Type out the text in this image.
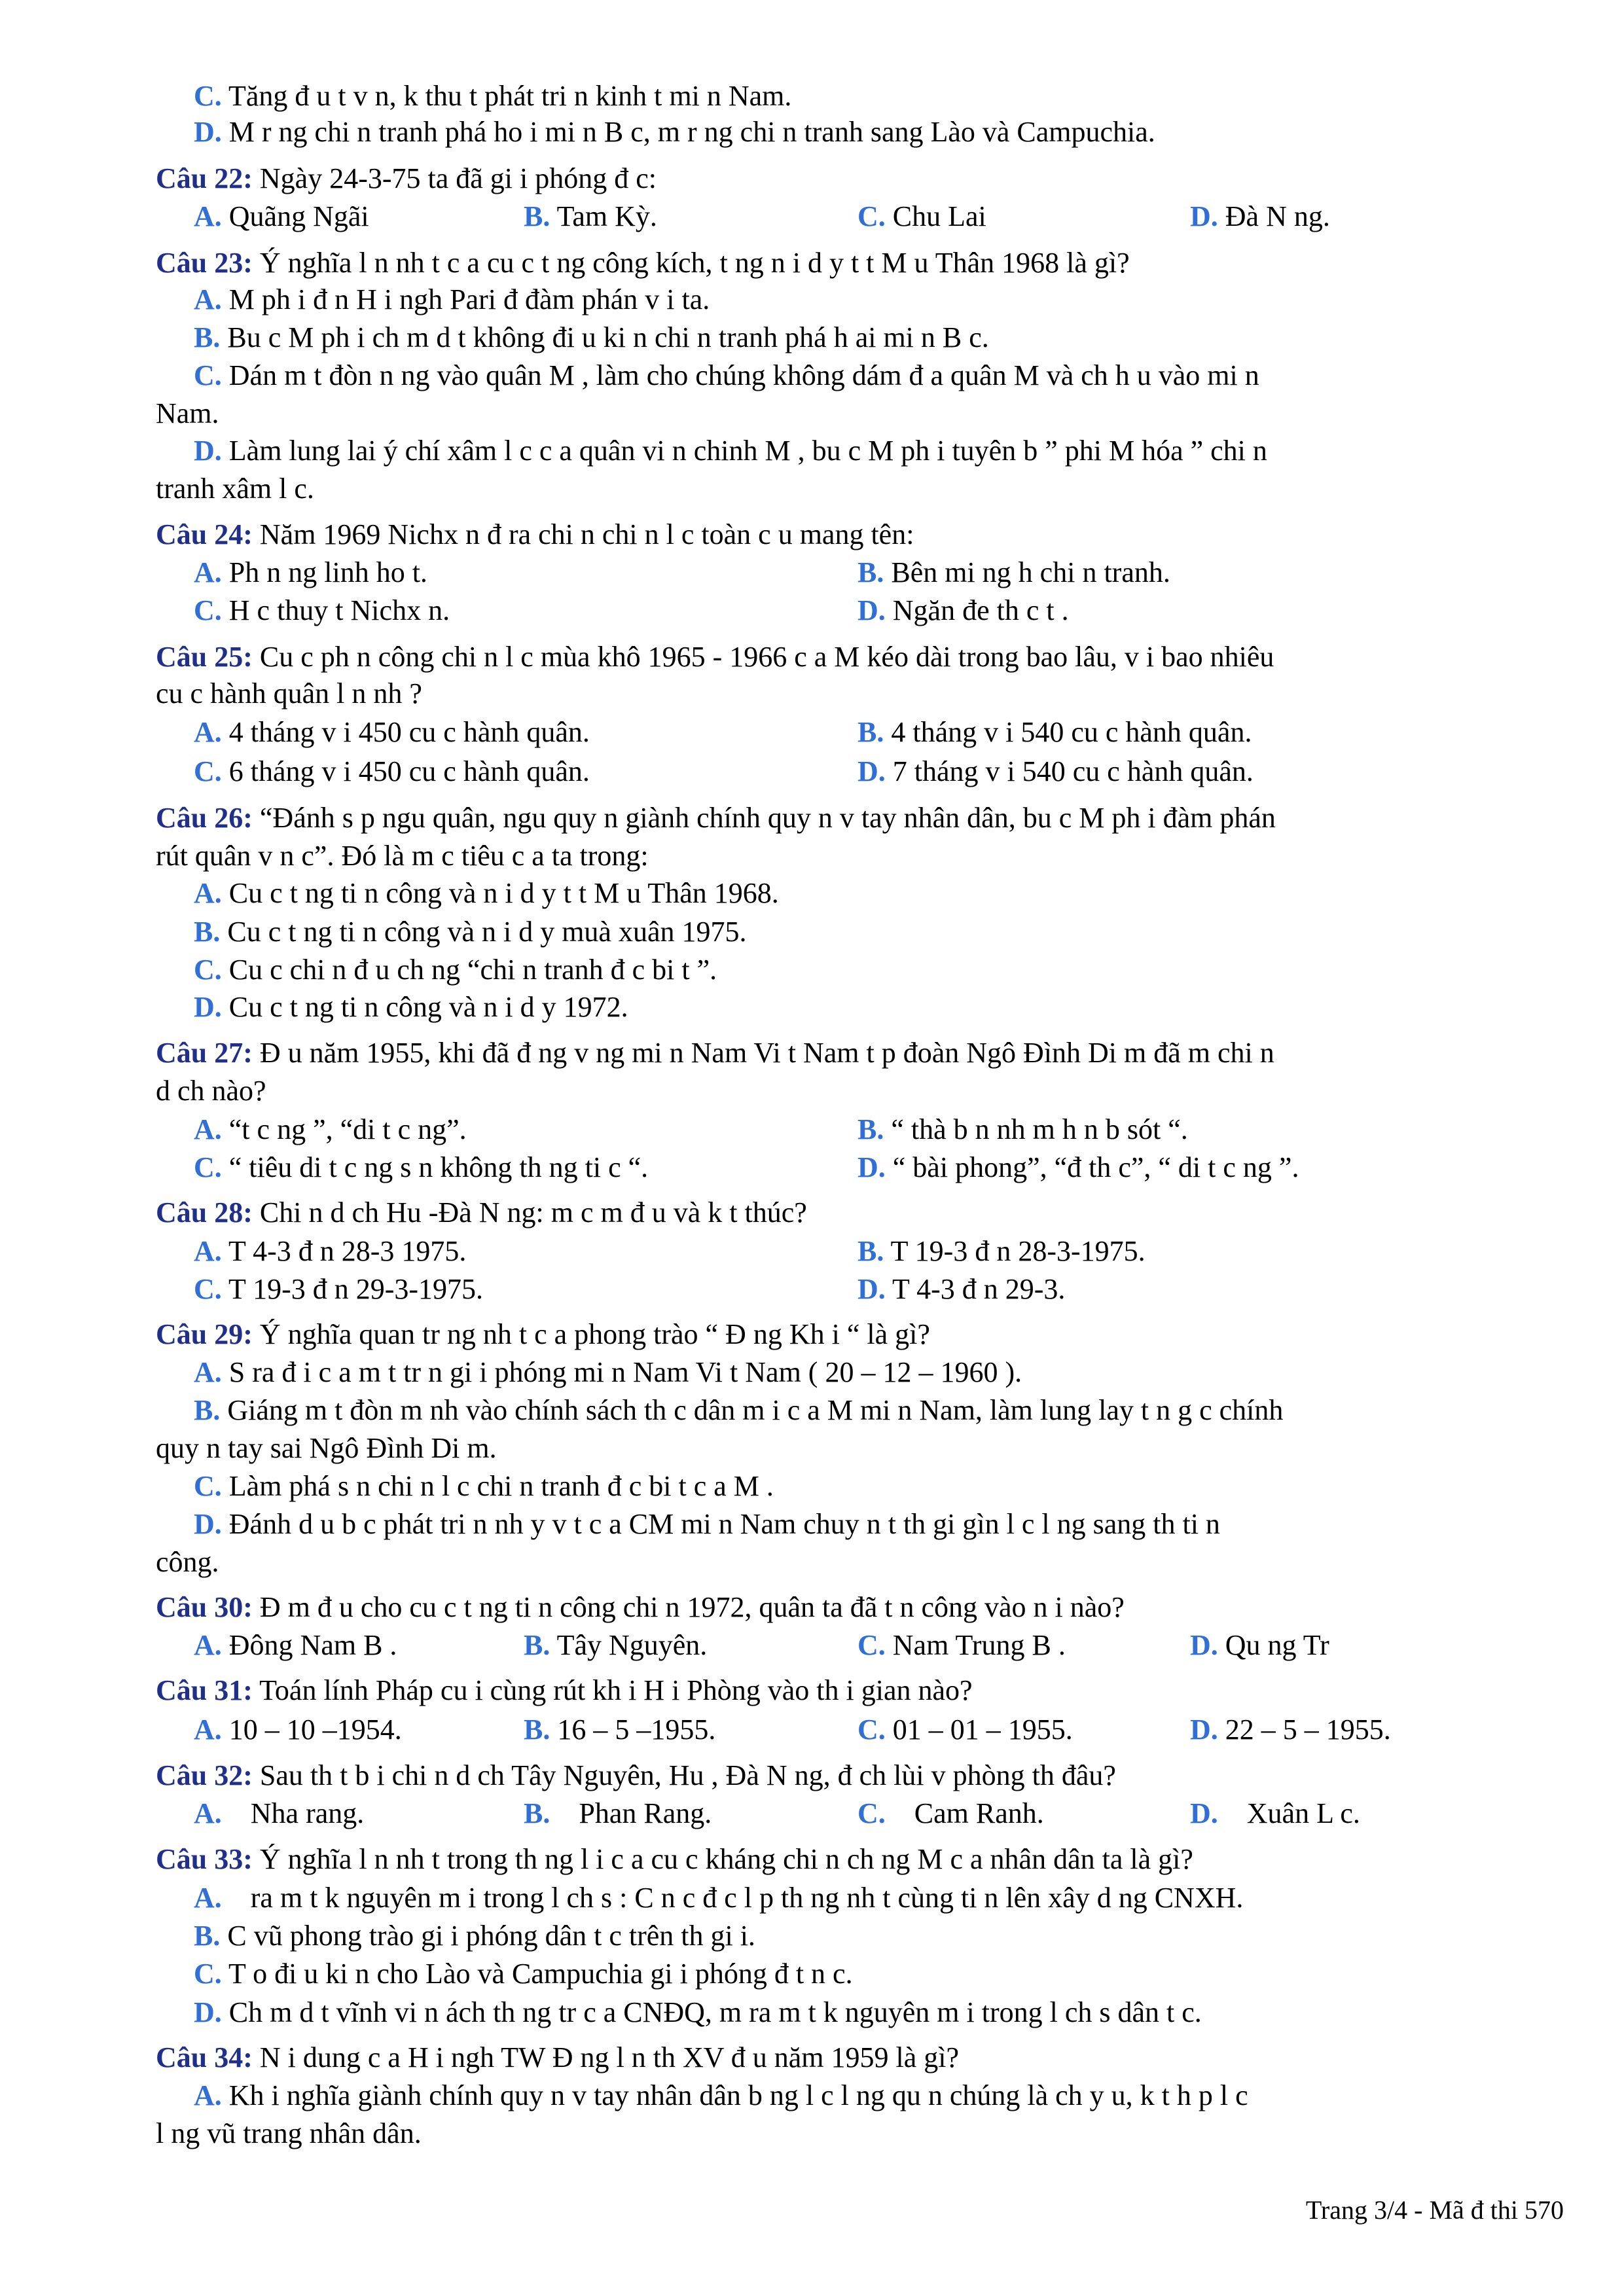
C. Tăng đ u t v n, k thu t phát tri n kinh t mi n Nam.
D. M r ng chi n tranh phá ho i mi n B c, m r ng chi n tranh sang Lào và Campuchia.
Câu 22: Ngày 24-3-75 ta đã gi i phóng đ c:
A. Quãng Ngãi	B. Tam Kỳ.	C. Chu Lai	D. Đà N ng.
Câu 23: Ý nghĩa l n nh t c a cu c t ng công kích, t ng n i d y t t M u Thân 1968 là gì?
A. M ph i đ n H i ngh Pari đ đàm phán v i ta.
B. Bu c M ph i ch m d t không đi u ki n chi n tranh phá h ai mi n B c.
C. Dán m t đòn n ng vào quân M , làm cho chúng không dám đ a quân M và ch h u vào mi n
Nam.
D. Làm lung lai ý chí xâm l c c a quân vi n chinh M , bu c M ph i tuyên b ” phi M hóa ” chi n
tranh xâm l c.
Câu 24: Năm 1969 Nichx n đ ra chi n chi n l c toàn c u mang tên:
A. Ph n ng linh ho t.	B. Bên mi ng h chi n tranh.
C. H c thuy t Nichx n.	D. Ngăn đe th c t .
Câu 25: Cu c ph n công chi n l c mùa khô 1965 - 1966 c a M kéo dài trong bao lâu, v i bao nhiêu
cu c hành quân l n nh ?
A. 4 tháng v i 450 cu c hành quân.	B. 4 tháng v i 540 cu c hành quân.
C. 6 tháng v i 450 cu c hành quân.	D. 7 tháng v i 540 cu c hành quân.
Câu 26: “Đánh s p ngu quân, ngu quy n giành chính quy n v tay nhân dân, bu c M ph i đàm phán
rút quân v n c”. Đó là m c tiêu c a ta trong:
A. Cu c t ng ti n công và n i d y t t M u Thân 1968.
B. Cu c t ng ti n công và n i d y muà xuân 1975.
C. Cu c chi n đ u ch ng “chi n tranh đ c bi t ”.
D. Cu c t ng ti n công và n i d y 1972.
Câu 27: Đ u năm 1955, khi đã đ ng v ng mi n Nam Vi t Nam t p đoàn Ngô Đình Di m đã m chi n
d ch nào?
A. “t c ng ”, “di t c ng”.	B. “ thà b n nh m h n b sót “.
C. “ tiêu di t c ng s n không th ng ti c “.	D. “ bài phong”, “đ th c”, “ di t c ng ”.
Câu 28: Chi n d ch Hu -Đà N ng: m c m đ u và k t thúc?
A. T 4-3 đ n 28-3 1975.	B. T 19-3 đ n 28-3-1975.
C. T 19-3 đ n 29-3-1975.	D. T 4-3 đ n 29-3.
Câu 29: Ý nghĩa quan tr ng nh t c a phong trào “ Đ ng Kh i “ là gì?
A. S ra đ i c a m t tr n gi i phóng mi n Nam Vi t Nam ( 20 – 12 – 1960 ).
B. Giáng m t đòn m nh vào chính sách th c dân m i c a M mi n Nam, làm lung lay t n g c chính
quy n tay sai Ngô Đình Di m.
C. Làm phá s n chi n l c chi n tranh đ c bi t c a M .
D. Đánh d u b c phát tri n nh y v t c a CM mi n Nam chuy n t th gi gìn l c l ng sang th ti n
công.
Câu 30: Đ m đ u cho cu c t ng ti n công chi n 1972, quân ta đã t n công vào n i nào?
A. Đông Nam B .	B. Tây Nguyên.	C. Nam Trung B .	D. Qu ng Tr
Câu 31: Toán lính Pháp cu i cùng rút kh i H i Phòng vào th i gian nào?
A. 10 – 10 –1954.	B. 16 – 5 –1955.	C. 01 – 01 – 1955.	D. 22 – 5 – 1955.
Câu 32: Sau th t b i chi n d ch Tây Nguyên, Hu , Đà N ng, đ ch lùi v phòng th đâu?
A. Nha rang.	B. Phan Rang.	C. Cam Ranh.	D. Xuân L c.
Câu 33: Ý nghĩa l n nh t trong th ng l i c a cu c kháng chi n ch ng M c a nhân dân ta là gì?
A. ra m t k nguyên m i trong l ch s : C n c đ c l p th ng nh t cùng ti n lên xây d ng CNXH.
B. C vũ phong trào gi i phóng dân t c trên th gi i.
C. T o đi u ki n cho Lào và Campuchia gi i phóng đ t n c.
D. Ch m d t vĩnh vi n ách th ng tr c a CNĐQ, m ra m t k nguyên m i trong l ch s dân t c.
Câu 34: N i dung c a H i ngh TW Đ ng l n th XV đ u năm 1959 là gì?
A. Kh i nghĩa giành chính quy n v tay nhân dân b ng l c l ng qu n chúng là ch y u, k t h p l c
l ng vũ trang nhân dân.
Trang 3/4 - Mã đ thi 570
